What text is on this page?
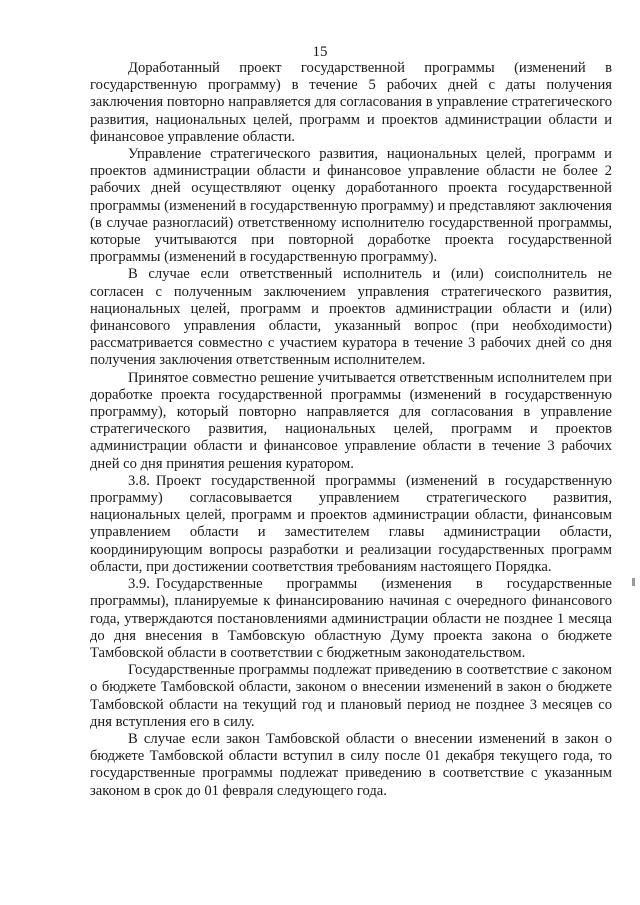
15

Доработанный проект государственной программы (изменений в государственную программу) в течение 5 рабочих дней с даты получения заключения повторно направляется для согласования в управление стратегического развития, национальных целей, программ и проектов администрации области и финансовое управление области.

Управление стратегического развития, национальных целей, программ и проектов администрации области и финансовое управление области не более 2 рабочих дней осуществляют оценку доработанного проекта государственной программы (изменений в государственную программу) и представляют заключения (в случае разногласий) ответственному исполнителю государственной программы, которые учитываются при повторной доработке проекта государственной программы (изменений в государственную программу).

В случае если ответственный исполнитель и (или) соисполнитель не согласен с полученным заключением управления стратегического развития, национальных целей, программ и проектов администрации области и (или) финансового управления области, указанный вопрос (при необходимости) рассматривается совместно с участием куратора в течение 3 рабочих дней со дня получения заключения ответственным исполнителем.

Принятое совместно решение учитывается ответственным исполнителем при доработке проекта государственной программы (изменений в государственную программу), который повторно направляется для согласования в управление стратегического развития, национальных целей, программ и проектов администрации области и финансовое управление области в течение 3 рабочих дней со дня принятия решения куратором.

3.8. Проект государственной программы (изменений в государственную программу) согласовывается управлением стратегического развития, национальных целей, программ и проектов администрации области, финансовым управлением области и заместителем главы администрации области, координирующим вопросы разработки и реализации государственных программ области, при достижении соответствия требованиям настоящего Порядка.

3.9. Государственные программы (изменения в государственные программы), планируемые к финансированию начиная с очередного финансового года, утверждаются постановлениями администрации области не позднее 1 месяца до дня внесения в Тамбовскую областную Думу проекта закона о бюджете Тамбовской области в соответствии с бюджетным законодательством.

Государственные программы подлежат приведению в соответствие с законом о бюджете Тамбовской области, законом о внесении изменений в закон о бюджете Тамбовской области на текущий год и плановый период не позднее 3 месяцев со дня вступления его в силу.

В случае если закон Тамбовской области о внесении изменений в закон о бюджете Тамбовской области вступил в силу после 01 декабря текущего года, то государственные программы подлежат приведению в соответствие с указанным законом в срок до 01 февраля следующего года.
